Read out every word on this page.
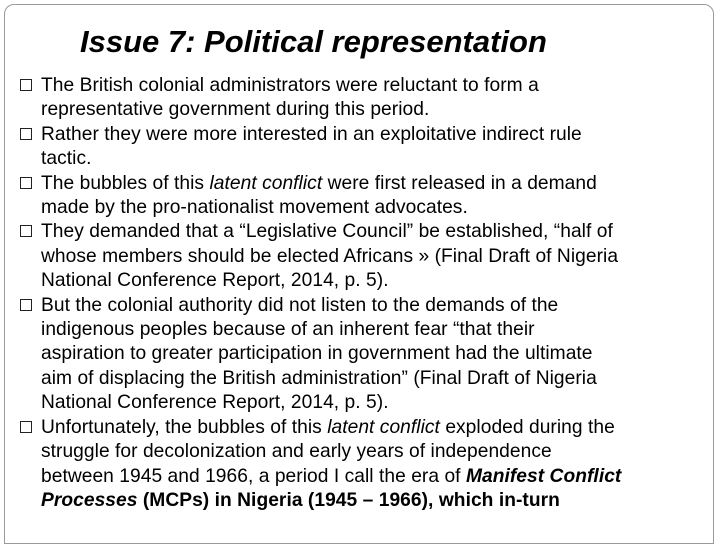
Issue 7: Political representation
The British colonial administrators were reluctant to form a
representative government during this period.
Rather they were more interested in an exploitative indirect rule
tactic.
The bubbles of this latent conflict were first released in a demand
made by the pro-nationalist movement advocates.
They demanded that a “Legislative Council” be established, “half of
whose members should be elected Africans » (Final Draft of Nigeria
National Conference Report, 2014, p. 5).
But the colonial authority did not listen to the demands of the
indigenous peoples because of an inherent fear “that their
aspiration to greater participation in government had the ultimate
aim of displacing the British administration” (Final Draft of Nigeria
National Conference Report, 2014, p. 5).
Unfortunately, the bubbles of this latent conflict exploded during the
struggle for decolonization and early years of independence
between 1945 and 1966, a period I call the era of Manifest Conflict
Processes (MCPs) in Nigeria (1945 – 1966), which in-turn
